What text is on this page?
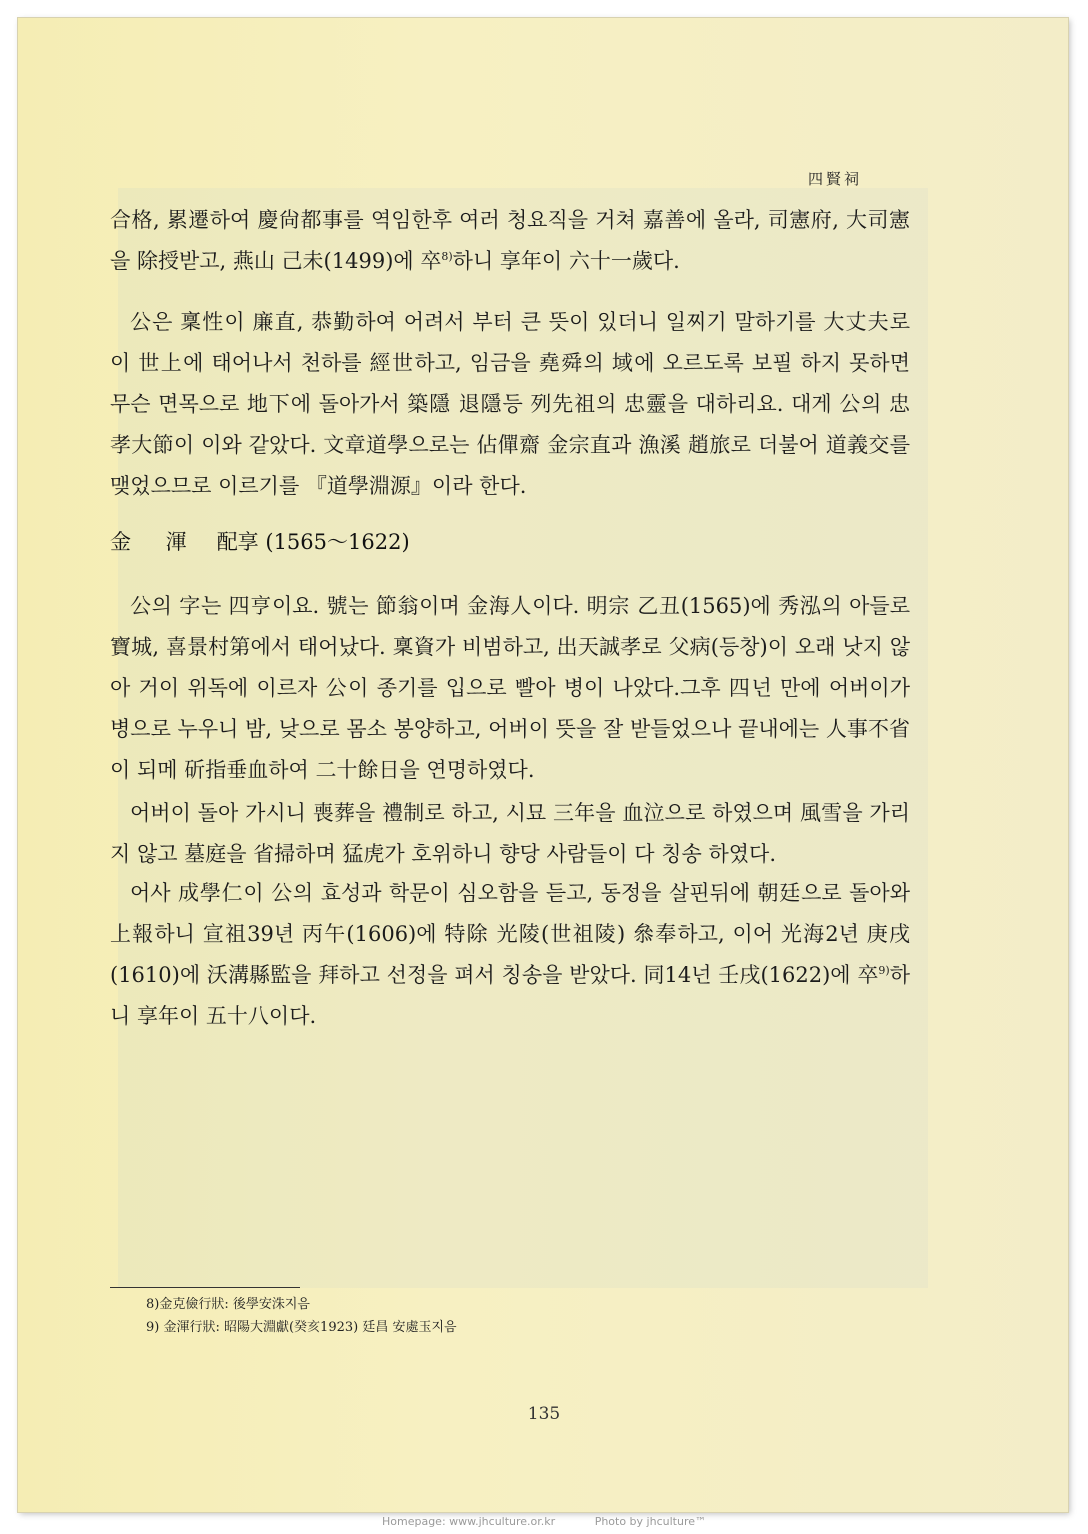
四賢祠
合格, 累遷하여 慶尙都事를 역임한후 여러 청요직을 거쳐 嘉善에 올라, 司憲府, 大司憲을 除授받고, 燕山 己未(1499)에 卒$^{8)}$하니 享年이 六十一歲다.
公은 稟性이 廉直, 恭勤하여 어려서 부터 큰 뜻이 있더니 일찌기 말하기를 大丈夫로 이 世上에 태어나서 천하를 經世하고, 임금을 堯舜의 域에 오르도록 보필 하지 못하면 무슨 면목으로 地下에 돌아가서 築隱 退隱등 列先祖의 忠靈을 대하리요. 대게 公의 忠孝大節이 이와 같았다. 文章道學으로는 佔僤齋 金宗直과 漁溪 趙旅로 더불어 道義交를 맺었으므로 이르기를 『道學淵源』이라 한다.
金 渾 配享 (1565～1622)
公의 字는 四亨이요. 號는 節翁이며 金海人이다. 明宗 乙丑(1565)에 秀泓의 아들로 寶城, 喜景村第에서 태어났다. 稟資가 비범하고, 出天誠孝로 父病(등창)이 오래 낫지 않아 거이 위독에 이르자 公이 종기를 입으로 빨아 병이 나았다.그후 四넌 만에 어버이가 병으로 누우니 밤, 낮으로 몸소 봉양하고, 어버이 뜻을 잘 받들었으나 끝내에는 人事不省이 되메 斫指垂血하여 二十餘日을 연명하였다.
어버이 돌아 가시니 喪葬을 禮制로 하고, 시묘 三年을 血泣으로 하였으며 風雪을 가리지 않고 墓庭을 省掃하며 猛虎가 호위하니 향당 사람들이 다 칭송 하였다.
어사 成學仁이 公의 효성과 학문이 심오함을 듣고, 동정을 살핀뒤에 朝廷으로 돌아와 上報하니 宣祖39년 丙午(1606)에 特除 光陵(世祖陵) 叅奉하고, 이어 光海2년 庚戌(1610)에 沃溝縣監을 拜하고 선정을 펴서 칭송을 받았다. 同14넌 壬戌(1622)에 卒$^{9)}$하니 享年이 五十八이다.
8)金克儉行狀: 後學安洙지음
9) 金渾行狀: 昭陽大淵獻(癸亥1923) 廷昌 安處玉지음
135
Homepage: www.jhculture.or.kr	Photo by jhculture™
